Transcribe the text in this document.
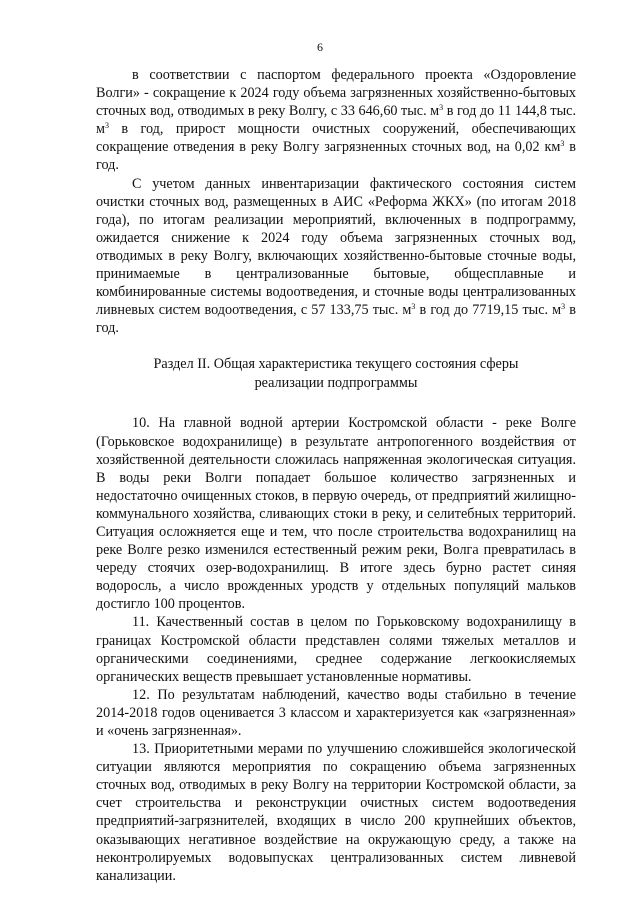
6

в соответствии с паспортом федерального проекта «Оздоровление Волги» - сокращение к 2024 году объема загрязненных хозяйственно-бытовых сточных вод, отводимых в реку Волгу, с 33 646,60 тыс. $м^3$ в год до 11 144,8 тыс. $м^3$ в год, прирост мощности очистных сооружений, обеспечивающих сокращение отведения в реку Волгу загрязненных сточных вод, на 0,02 $км^3$ в год.

С учетом данных инвентаризации фактического состояния систем очистки сточных вод, размещенных в АИС «Реформа ЖКХ» (по итогам 2018 года), по итогам реализации мероприятий, включенных в подпрограмму, ожидается снижение к 2024 году объема загрязненных сточных вод, отводимых в реку Волгу, включающих хозяйственно-бытовые сточные воды, принимаемые в централизованные бытовые, общесплавные и комбинированные системы водоотведения, и сточные воды централизованных ливневых систем водоотведения, с 57 133,75 тыс. $м^3$ в год до 7719,15 тыс. $м^3$ в год.

Раздел II. Общая характеристика текущего состояния сферы
реализации подпрограммы

10. На главной водной артерии Костромской области - реке Волге (Горьковское водохранилище) в результате антропогенного воздействия от хозяйственной деятельности сложилась напряженная экологическая ситуация. В воды реки Волги попадает большое количество загрязненных и недостаточно очищенных стоков, в первую очередь, от предприятий жилищно-коммунального хозяйства, сливающих стоки в реку, и селитебных территорий. Ситуация осложняется еще и тем, что после строительства водохранилищ на реке Волге резко изменился естественный режим реки, Волга превратилась в череду стоячих озер-водохранилищ. В итоге здесь бурно растет синяя водоросль, а число врожденных уродств у отдельных популяций мальков достигло 100 процентов.

11. Качественный состав в целом по Горьковскому водохранилищу в границах Костромской области представлен солями тяжелых металлов и органическими соединениями, среднее содержание легкоокисляемых органических веществ превышает установленные нормативы.

12. По результатам наблюдений, качество воды стабильно в течение 2014-2018 годов оценивается 3 классом и характеризуется как «загрязненная» и «очень загрязненная».

13. Приоритетными мерами по улучшению сложившейся экологической ситуации являются мероприятия по сокращению объема загрязненных сточных вод, отводимых в реку Волгу на территории Костромской области, за счет строительства и реконструкции очистных систем водоотведения предприятий-загрязнителей, входящих в число 200 крупнейших объектов, оказывающих негативное воздействие на окружающую среду, а также на неконтролируемых водовыпусках централизованных систем ливневой канализации.
